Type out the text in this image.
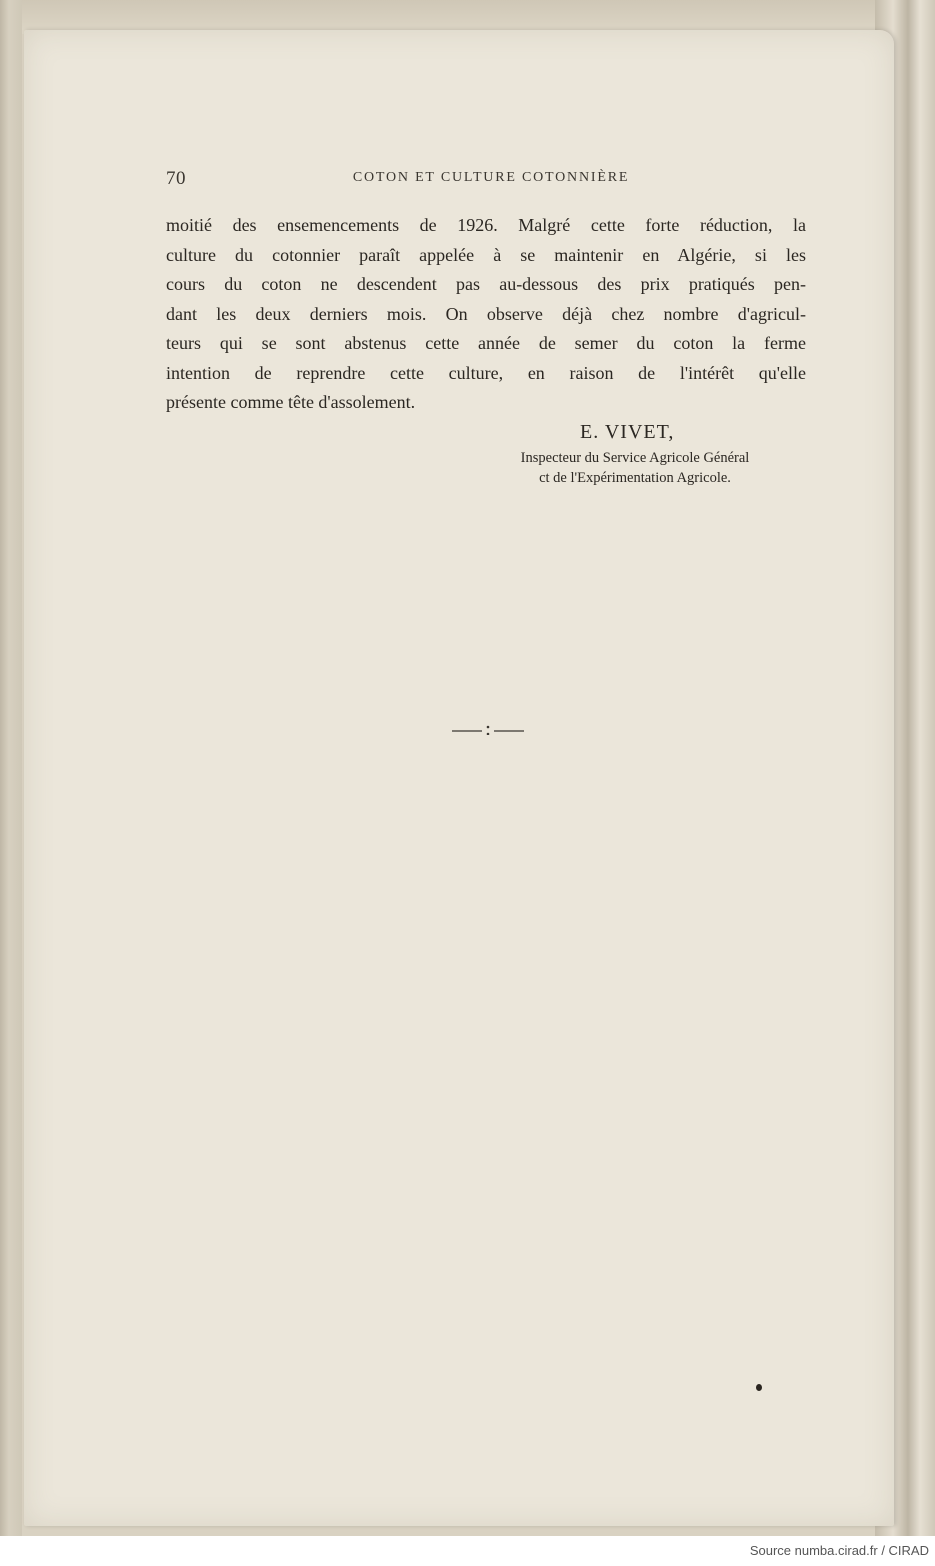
70	COTON ET CULTURE COTONNIÈRE
moitié des ensemencements de 1926. Malgré cette forte réduction, la
culture du cotonnier paraît appelée à se maintenir en Algérie, si les
cours du coton ne descendent pas au-dessous des prix pratiqués pen-
dant les deux derniers mois. On observe déjà chez nombre d'agricul-
teurs qui se sont abstenus cette année de semer du coton la ferme
intention de reprendre cette culture, en raison de l'intérêt qu'elle
présente comme tête d'assolement.
E. VIVET,
Inspecteur du Service Agricole Général
ct de l'Expérimentation Agricole.
Source numba.cirad.fr / CIRAD
